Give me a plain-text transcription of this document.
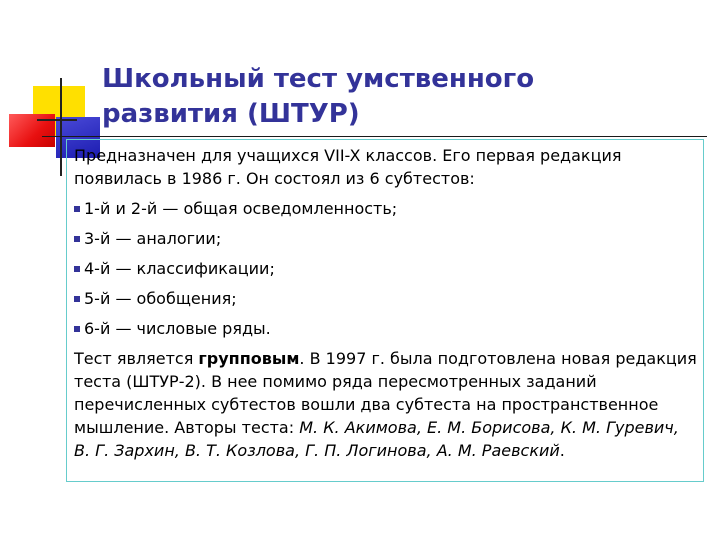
Школьный тест умственного
развития (ШТУР)

Предназначен для учащихся VII-X классов. Его первая редакция появилась в 1986 г. Он состоял из 6 субтестов:

1-й и 2-й — общая осведомленность;
3-й — аналогии;
4-й — классификации;
5-й — обобщения;
6-й — числовые ряды.

Тест является групповым. В 1997 г. была подготовлена новая редакция теста (ШТУР-2). В нее помимо ряда пересмотренных заданий перечисленных субтестов вошли два субтеста на пространственное мышление. Авторы теста: М. К. Акимова, Е. М. Борисова, К. М. Гуревич, В. Г. Зархин, В. Т. Козлова, Г. П. Логинова, А. М. Раевский.
